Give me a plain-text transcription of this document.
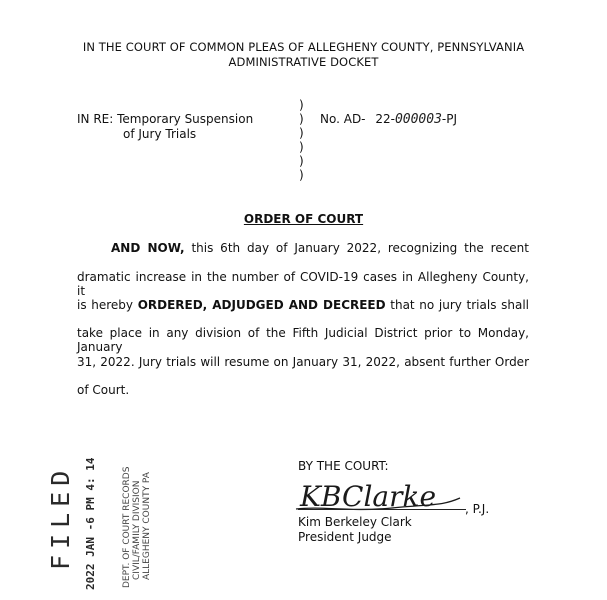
IN THE COURT OF COMMON PLEAS OF ALLEGHENY COUNTY, PENNSYLVANIA
ADMINISTRATIVE DOCKET
IN RE: Temporary Suspension
of Jury Trials
)
)
)
)
)
)
No. AD- 22-000003-PJ
ORDER OF COURT
AND NOW, this 6th day of January 2022, recognizing the recent
dramatic increase in the number of COVID-19 cases in Allegheny County, it
is hereby ORDERED, ADJUDGED AND DECREED that no jury trials shall
take place in any division of the Fifth Judicial District prior to Monday, January
31, 2022. Jury trials will resume on January 31, 2022, absent further Order
of Court.
BY THE COURT:
KBClarke , P.J.
Kim Berkeley Clark
President Judge
FILED 2022 JAN -6 PM 4: 14	DEPT. OF COURT RECORDS CIVIL/FAMILY DIVISION ALLEGHENY COUNTY PA
